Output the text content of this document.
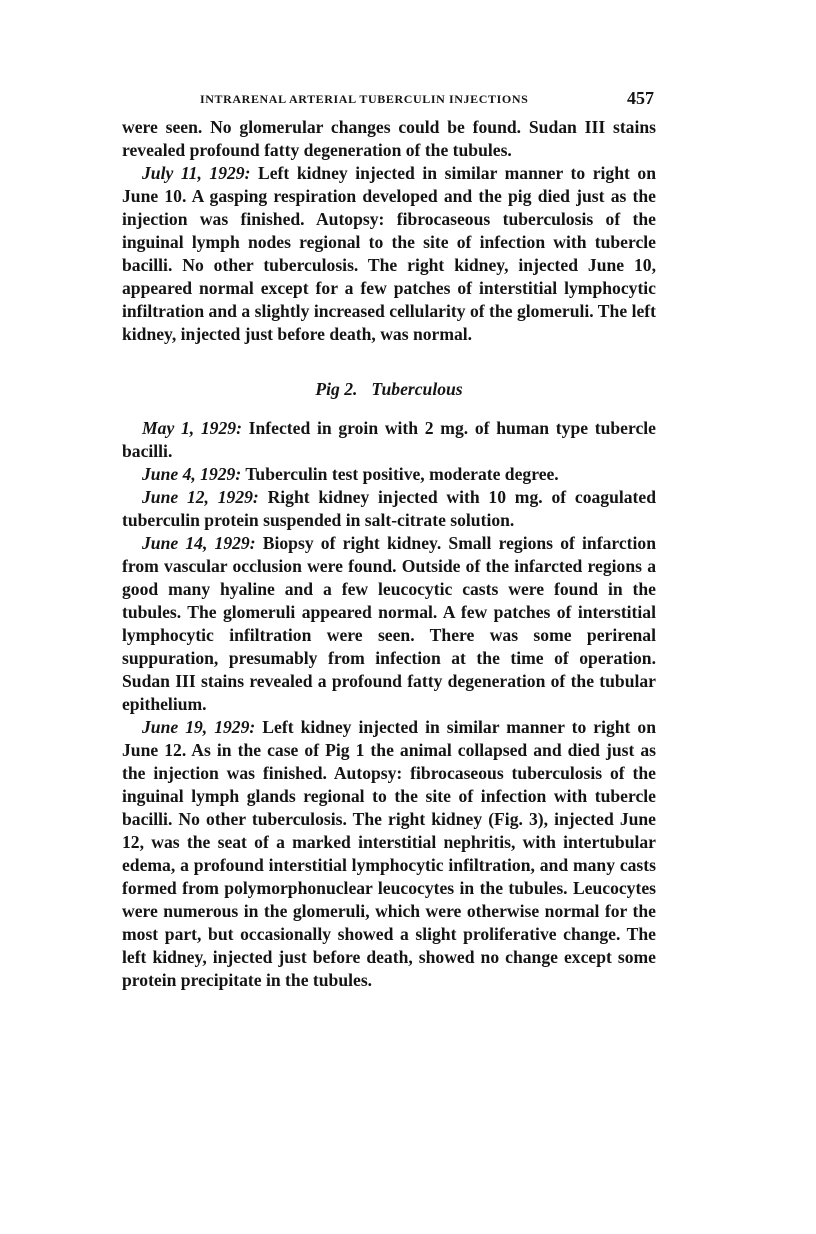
INTRARENAL ARTERIAL TUBERCULIN INJECTIONS	457

were seen. No glomerular changes could be found. Sudan III stains revealed profound fatty degeneration of the tubules.

July 11, 1929: Left kidney injected in similar manner to right on June 10. A gasping respiration developed and the pig died just as the injection was finished. Autopsy: fibrocaseous tuberculosis of the inguinal lymph nodes regional to the site of infection with tubercle bacilli. No other tuberculosis. The right kidney, injected June 10, appeared normal except for a few patches of interstitial lymphocytic infiltration and a slightly increased cellularity of the glomeruli. The left kidney, injected just before death, was normal.

Pig 2. Tuberculous

May 1, 1929: Infected in groin with 2 mg. of human type tubercle bacilli.

June 4, 1929: Tuberculin test positive, moderate degree.

June 12, 1929: Right kidney injected with 10 mg. of coagulated tuberculin protein suspended in salt-citrate solution.

June 14, 1929: Biopsy of right kidney. Small regions of infarction from vascular occlusion were found. Outside of the infarcted regions a good many hyaline and a few leucocytic casts were found in the tubules. The glomeruli appeared normal. A few patches of interstitial lymphocytic infiltration were seen. There was some perirenal suppuration, presumably from infection at the time of operation. Sudan III stains revealed a profound fatty degeneration of the tubular epithelium.

June 19, 1929: Left kidney injected in similar manner to right on June 12. As in the case of Pig 1 the animal collapsed and died just as the injection was finished. Autopsy: fibrocaseous tuberculosis of the inguinal lymph glands regional to the site of infection with tubercle bacilli. No other tuberculosis. The right kidney (Fig. 3), injected June 12, was the seat of a marked interstitial nephritis, with intertubular edema, a profound interstitial lymphocytic infiltration, and many casts formed from polymorphonuclear leucocytes in the tubules. Leucocytes were numerous in the glomeruli, which were otherwise normal for the most part, but occasionally showed a slight proliferative change. The left kidney, injected just before death, showed no change except some protein precipitate in the tubules.
